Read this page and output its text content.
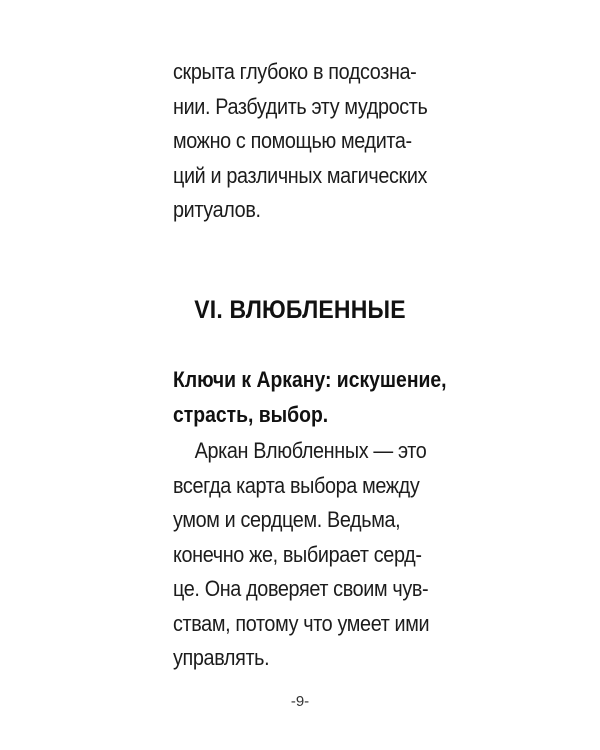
скрыта глубоко в подсозна-
нии. Разбудить эту мудрость
можно с помощью медита-
ций и различных магических
ритуалов.
VI. ВЛЮБЛЕННЫЕ
Ключи к Аркану: искушение,
страсть, выбор.
Аркан Влюбленных — это
всегда карта выбора между
умом и сердцем. Ведьма,
конечно же, выбирает серд-
це. Она доверяет своим чув-
ствам, потому что умеет ими
управлять.
-9-
